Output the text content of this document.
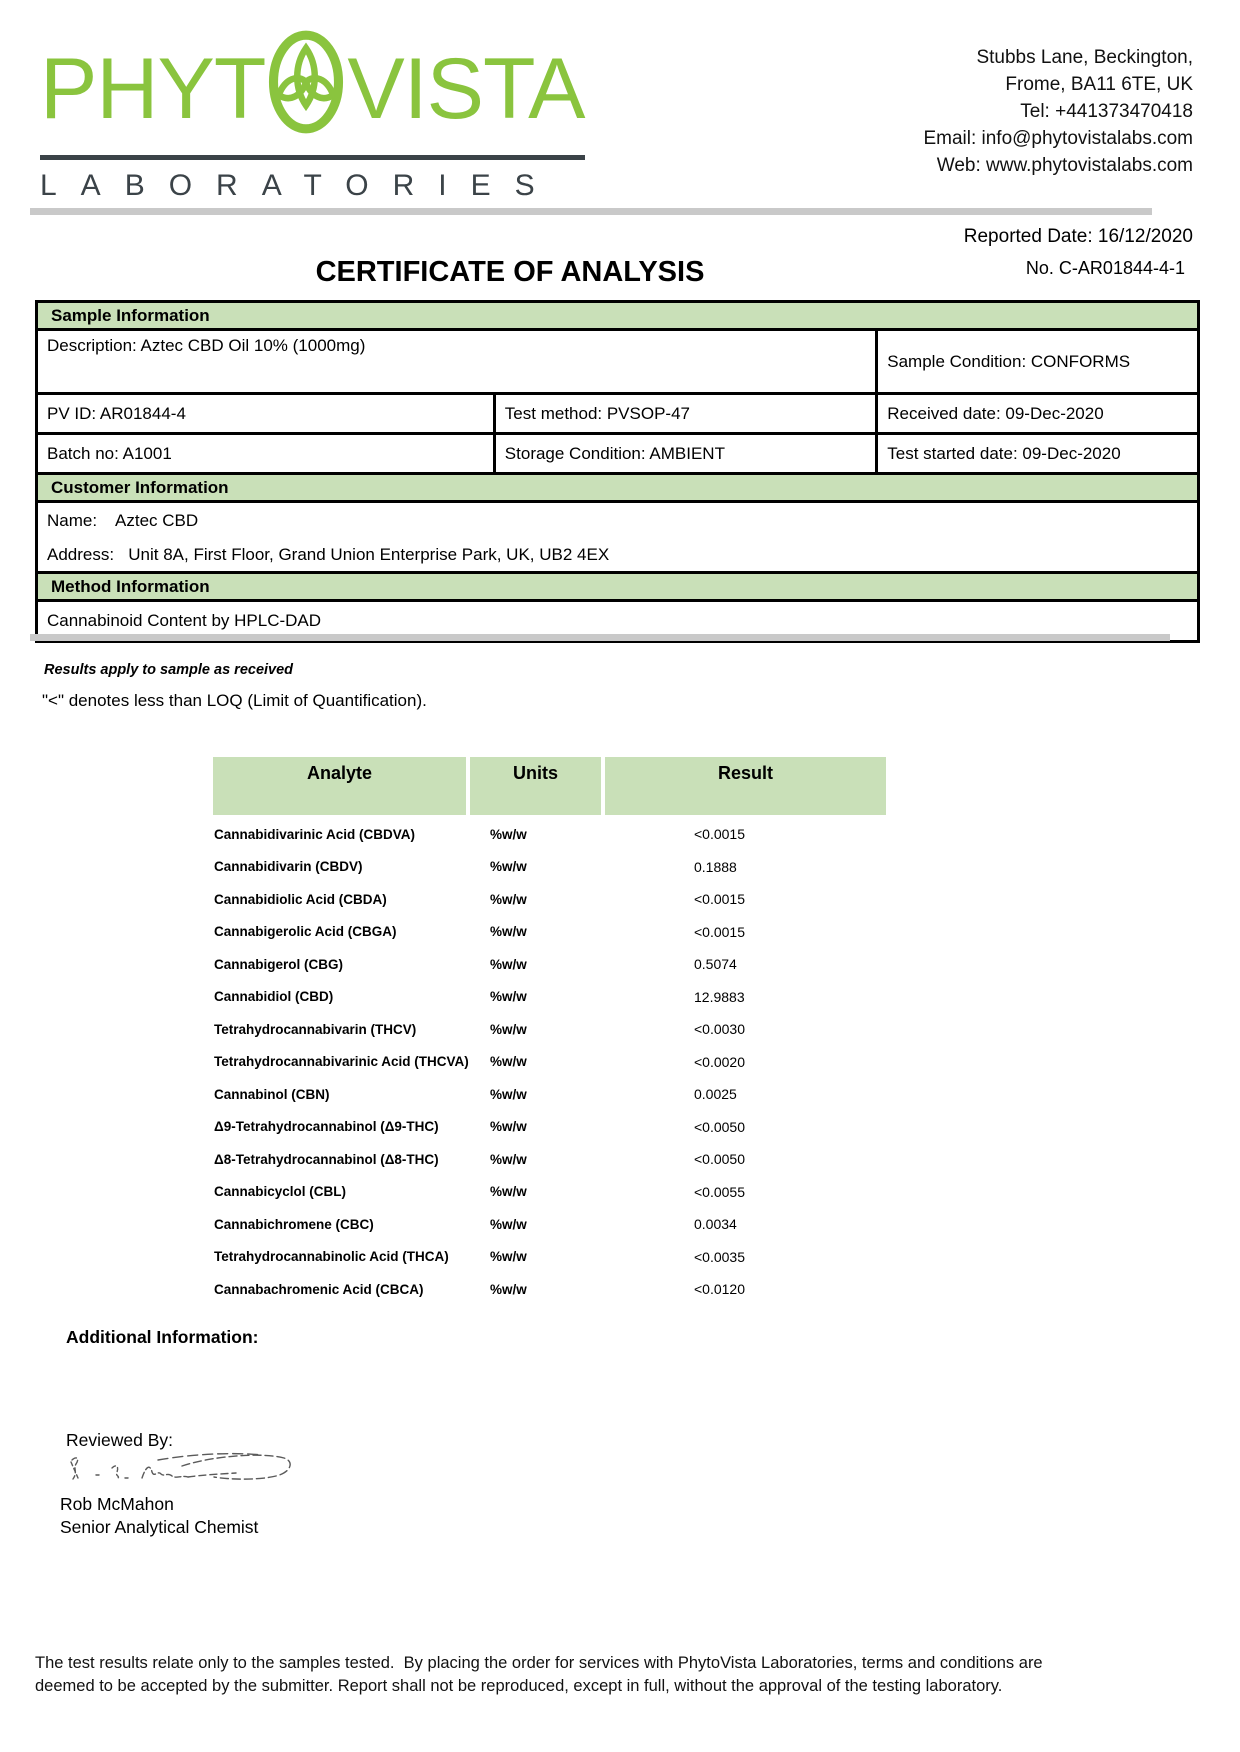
PHYT VISTA
LABORATORIES
Stubbs Lane, Beckington,
Frome, BA11 6TE, UK
Tel: +441373470418
Email: info@phytovistalabs.com
Web: www.phytovistalabs.com
Reported Date: 16/12/2020
CERTIFICATE OF ANALYSIS	No. C-AR01844-4-1
Sample Information
Description: Aztec CBD Oil 10% (1000mg)
Sample Condition: CONFORMS
PV ID: AR01844-4	Test method: PVSOP-47	Received date: 09-Dec-2020
Batch no: A1001	Storage Condition: AMBIENT	Test started date: 09-Dec-2020
Customer Information
Name:    Aztec CBD
Address:   Unit 8A, First Floor, Grand Union Enterprise Park, UK, UB2 4EX
Method Information
Cannabinoid Content by HPLC-DAD
Results apply to sample as received
"<" denotes less than LOQ (Limit of Quantification).
Analyte	Units	Result
Cannabidivarinic Acid (CBDVA)	%w/w	<0.0015
Cannabidivarin (CBDV)	%w/w	0.1888
Cannabidiolic Acid (CBDA)	%w/w	<0.0015
Cannabigerolic Acid (CBGA)	%w/w	<0.0015
Cannabigerol (CBG)	%w/w	0.5074
Cannabidiol (CBD)	%w/w	12.9883
Tetrahydrocannabivarin (THCV)	%w/w	<0.0030
Tetrahydrocannabivarinic Acid (THCVA)	%w/w	<0.0020
Cannabinol (CBN)	%w/w	0.0025
Δ9-Tetrahydrocannabinol (Δ9-THC)	%w/w	<0.0050
Δ8-Tetrahydrocannabinol (Δ8-THC)	%w/w	<0.0050
Cannabicyclol (CBL)	%w/w	<0.0055
Cannabichromene (CBC)	%w/w	0.0034
Tetrahydrocannabinolic Acid (THCA)	%w/w	<0.0035
Cannabachromenic Acid (CBCA)	%w/w	<0.0120
Additional Information:
Reviewed By:
Rob McMahon
Senior Analytical Chemist
The test results relate only to the samples tested.  By placing the order for services with PhytoVista Laboratories, terms and conditions are
deemed to be accepted by the submitter. Report shall not be reproduced, except in full, without the approval of the testing laboratory.
